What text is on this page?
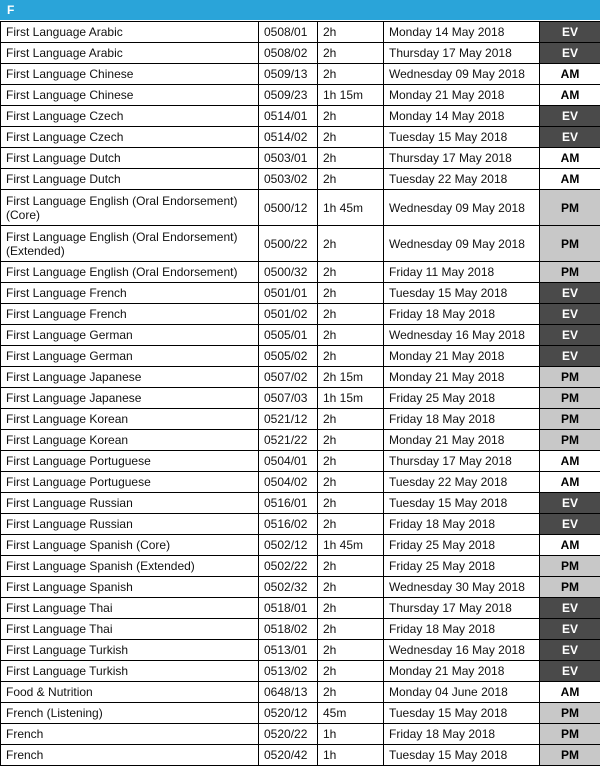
F
First Language Arabic	0508/01	2h	Monday 14 May 2018	EV
First Language Arabic	0508/02	2h	Thursday 17 May 2018	EV
First Language Chinese	0509/13	2h	Wednesday 09 May 2018	AM
First Language Chinese	0509/23	1h 15m	Monday 21 May 2018	AM
First Language Czech	0514/01	2h	Monday 14 May 2018	EV
First Language Czech	0514/02	2h	Tuesday 15 May 2018	EV
First Language Dutch	0503/01	2h	Thursday 17 May 2018	AM
First Language Dutch	0503/02	2h	Tuesday 22 May 2018	AM
First Language English (Oral Endorsement) (Core)	0500/12	1h 45m	Wednesday 09 May 2018	PM
First Language English (Oral Endorsement) (Extended)	0500/22	2h	Wednesday 09 May 2018	PM
First Language English (Oral Endorsement)	0500/32	2h	Friday 11 May 2018	PM
First Language French	0501/01	2h	Tuesday 15 May 2018	EV
First Language French	0501/02	2h	Friday 18 May 2018	EV
First Language German	0505/01	2h	Wednesday 16 May 2018	EV
First Language German	0505/02	2h	Monday 21 May 2018	EV
First Language Japanese	0507/02	2h 15m	Monday 21 May 2018	PM
First Language Japanese	0507/03	1h 15m	Friday 25 May 2018	PM
First Language Korean	0521/12	2h	Friday 18 May 2018	PM
First Language Korean	0521/22	2h	Monday 21 May 2018	PM
First Language Portuguese	0504/01	2h	Thursday 17 May 2018	AM
First Language Portuguese	0504/02	2h	Tuesday 22 May 2018	AM
First Language Russian	0516/01	2h	Tuesday 15 May 2018	EV
First Language Russian	0516/02	2h	Friday 18 May 2018	EV
First Language Spanish (Core)	0502/12	1h 45m	Friday 25 May 2018	AM
First Language Spanish (Extended)	0502/22	2h	Friday 25 May 2018	PM
First Language Spanish	0502/32	2h	Wednesday 30 May 2018	PM
First Language Thai	0518/01	2h	Thursday 17 May 2018	EV
First Language Thai	0518/02	2h	Friday 18 May 2018	EV
First Language Turkish	0513/01	2h	Wednesday 16 May 2018	EV
First Language Turkish	0513/02	2h	Monday 21 May 2018	EV
Food & Nutrition	0648/13	2h	Monday 04 June 2018	AM
French (Listening)	0520/12	45m	Tuesday 15 May 2018	PM
French	0520/22	1h	Friday 18 May 2018	PM
French	0520/42	1h	Tuesday 15 May 2018	PM
